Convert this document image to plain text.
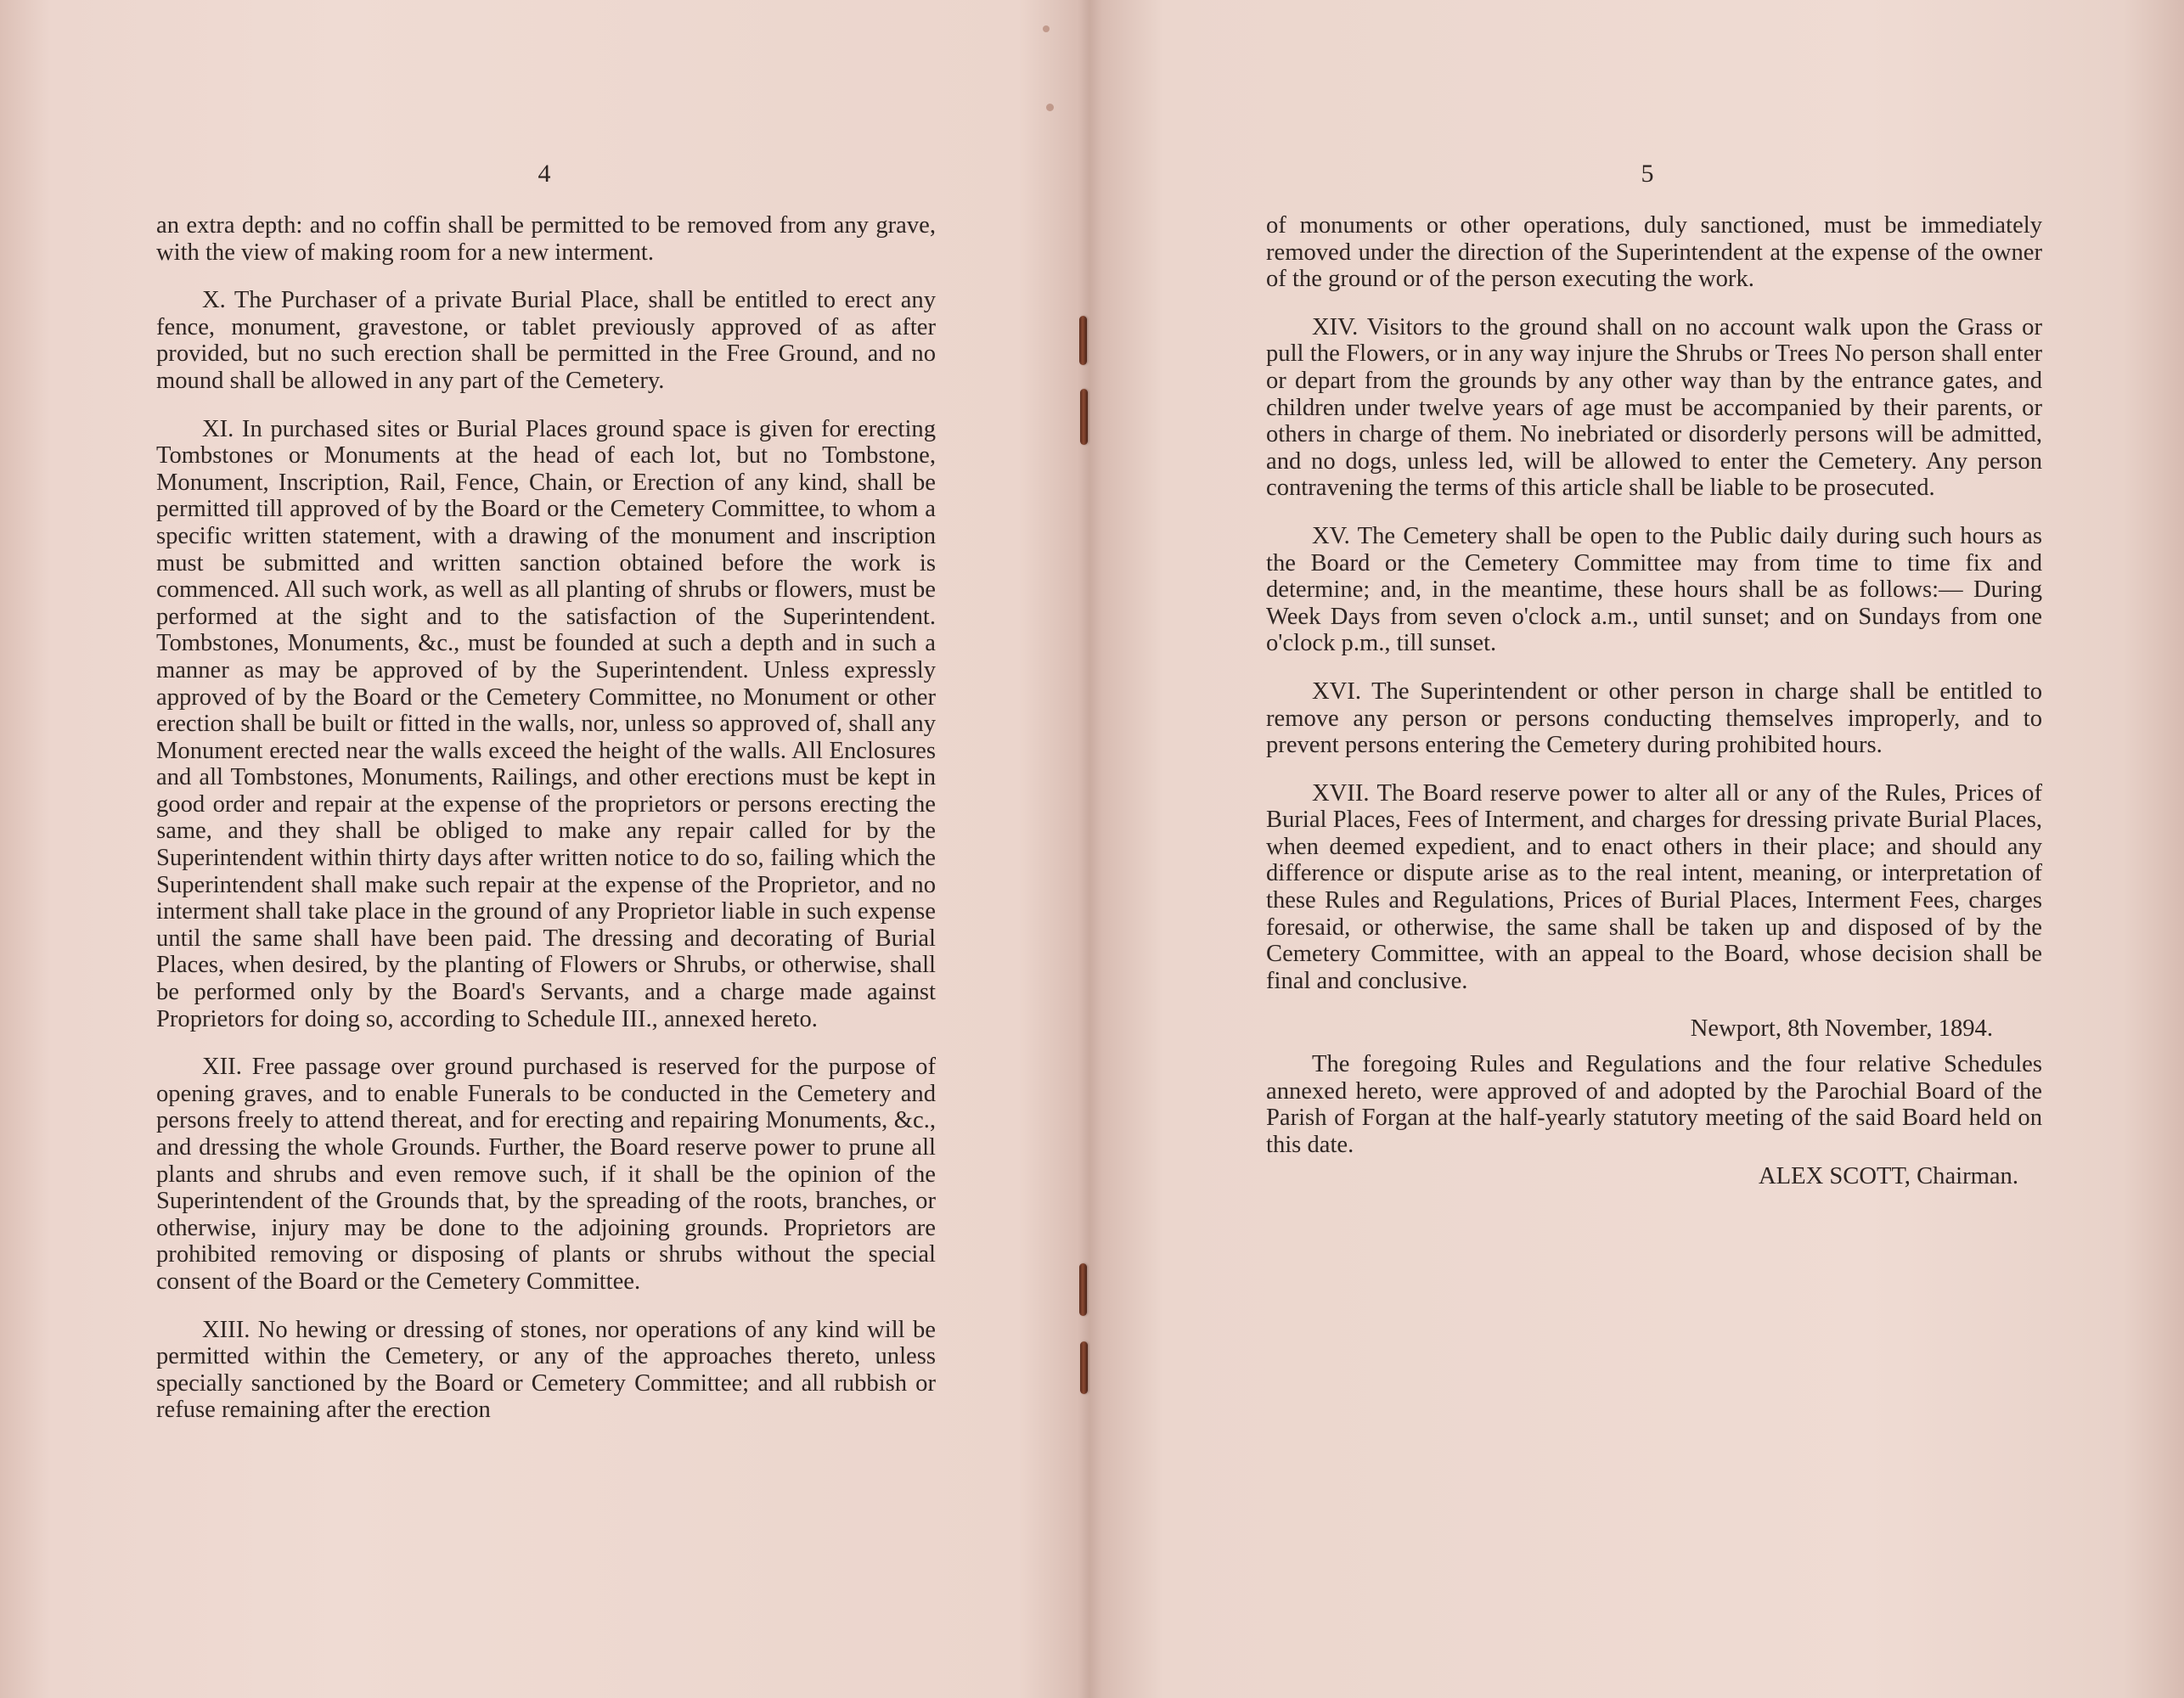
4

an extra depth: and no coffin shall be permitted to be removed from any grave, with the view of making room for a new interment.

X. The Purchaser of a private Burial Place, shall be entitled to erect any fence, monument, gravestone, or tablet previously approved of as after provided, but no such erection shall be permitted in the Free Ground, and no mound shall be allowed in any part of the Cemetery.

XI. In purchased sites or Burial Places ground space is given for erecting Tombstones or Monuments at the head of each lot, but no Tombstone, Monument, Inscription, Rail, Fence, Chain, or Erection of any kind, shall be permitted till approved of by the Board or the Cemetery Committee, to whom a specific written statement, with a drawing of the monument and inscription must be submitted and written sanction obtained before the work is commenced. All such work, as well as all planting of shrubs or flowers, must be performed at the sight and to the satisfaction of the Superintendent. Tombstones, Monuments, &c., must be founded at such a depth and in such a manner as may be approved of by the Superintendent. Unless expressly approved of by the Board or the Cemetery Committee, no Monument or other erection shall be built or fitted in the walls, nor, unless so approved of, shall any Monument erected near the walls exceed the height of the walls. All Enclosures and all Tombstones, Monuments, Railings, and other erections must be kept in good order and repair at the expense of the proprietors or persons erecting the same, and they shall be obliged to make any repair called for by the Superintendent within thirty days after written notice to do so, failing which the Superintendent shall make such repair at the expense of the Proprietor, and no interment shall take place in the ground of any Proprietor liable in such expense until the same shall have been paid. The dressing and decorating of Burial Places, when desired, by the planting of Flowers or Shrubs, or otherwise, shall be performed only by the Board's Servants, and a charge made against Proprietors for doing so, according to Schedule III., annexed hereto.

XII. Free passage over ground purchased is reserved for the purpose of opening graves, and to enable Funerals to be conducted in the Cemetery and persons freely to attend thereat, and for erecting and repairing Monuments, &c., and dressing the whole Grounds. Further, the Board reserve power to prune all plants and shrubs and even remove such, if it shall be the opinion of the Superintendent of the Grounds that, by the spreading of the roots, branches, or otherwise, injury may be done to the adjoining grounds. Proprietors are prohibited removing or disposing of plants or shrubs without the special consent of the Board or the Cemetery Committee.

XIII. No hewing or dressing of stones, nor operations of any kind will be permitted within the Cemetery, or any of the approaches thereto, unless specially sanctioned by the Board or Cemetery Committee; and all rubbish or refuse remaining after the erection

5

of monuments or other operations, duly sanctioned, must be immediately removed under the direction of the Superintendent at the expense of the owner of the ground or of the person executing the work.

XIV. Visitors to the ground shall on no account walk upon the Grass or pull the Flowers, or in any way injure the Shrubs or Trees No person shall enter or depart from the grounds by any other way than by the entrance gates, and children under twelve years of age must be accompanied by their parents, or others in charge of them. No inebriated or disorderly persons will be admitted, and no dogs, unless led, will be allowed to enter the Cemetery. Any person contravening the terms of this article shall be liable to be prosecuted.

XV. The Cemetery shall be open to the Public daily during such hours as the Board or the Cemetery Committee may from time to time fix and determine; and, in the meantime, these hours shall be as follows:— During Week Days from seven o'clock a.m., until sunset; and on Sundays from one o'clock p.m., till sunset.

XVI. The Superintendent or other person in charge shall be entitled to remove any person or persons conducting themselves improperly, and to prevent persons entering the Cemetery during prohibited hours.

XVII. The Board reserve power to alter all or any of the Rules, Prices of Burial Places, Fees of Interment, and charges for dressing private Burial Places, when deemed expedient, and to enact others in their place; and should any difference or dispute arise as to the real intent, meaning, or interpretation of these Rules and Regulations, Prices of Burial Places, Interment Fees, charges foresaid, or otherwise, the same shall be taken up and disposed of by the Cemetery Committee, with an appeal to the Board, whose decision shall be final and conclusive.

Newport, 8th November, 1894.

The foregoing Rules and Regulations and the four relative Schedules annexed hereto, were approved of and adopted by the Parochial Board of the Parish of Forgan at the half-yearly statutory meeting of the said Board held on this date.

ALEX SCOTT, Chairman.
